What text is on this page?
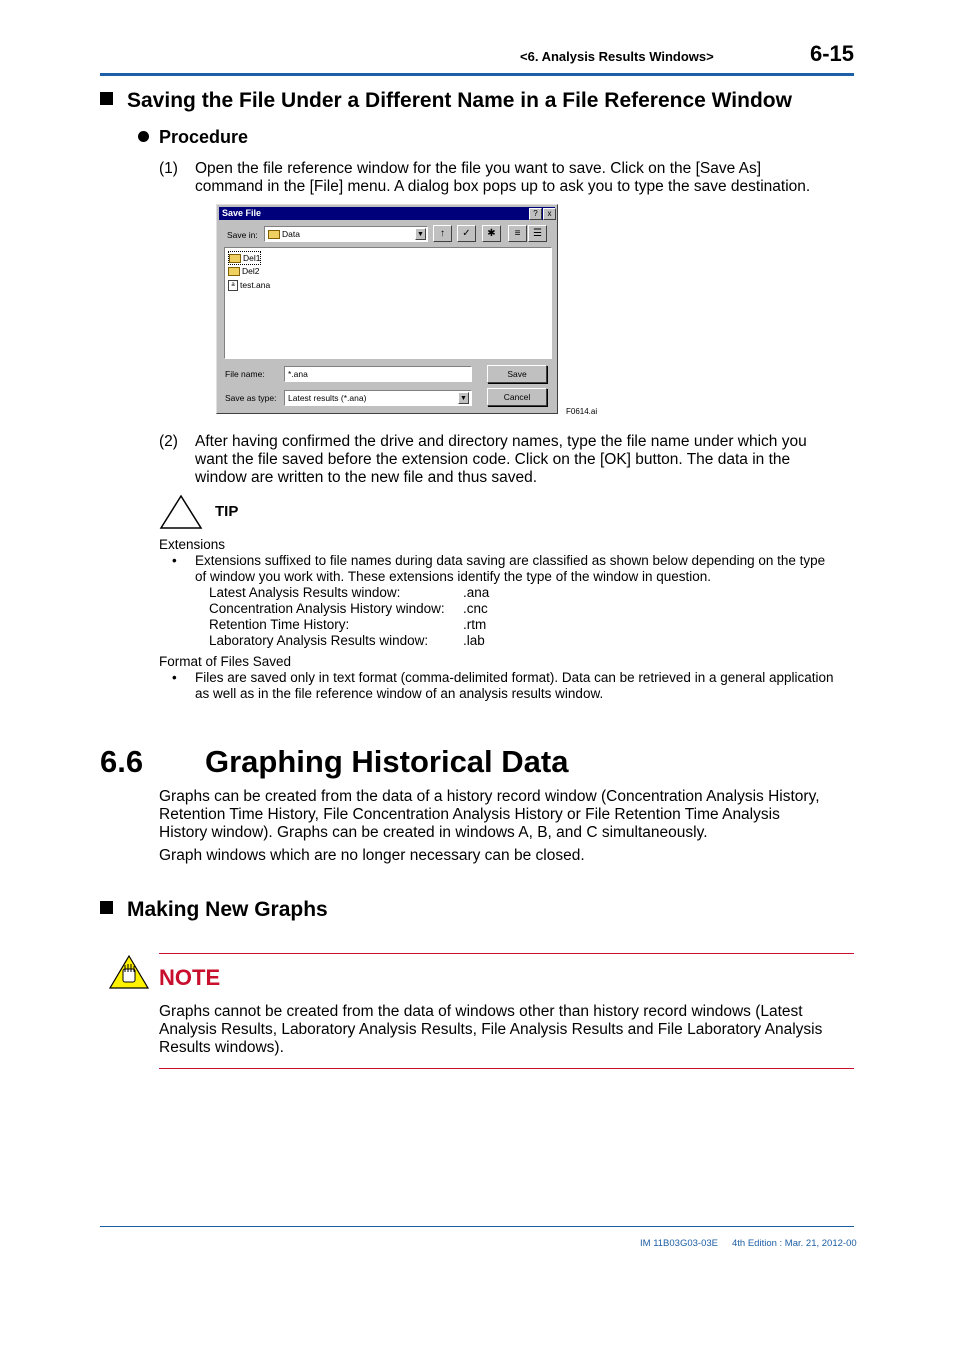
<6. Analysis Results Windows>	6-15
Saving the File Under a Different Name in a File Reference Window
Procedure
(1) Open the file reference window for the file you want to save. Click on the [Save As]
command in the [File] menu. A dialog box pops up to ask you to type the save destination.
Save File	?	x
Save in:	Data	▼	↑	✓	✱	≡	☰
Del1
Del2
a test.ana
File name:	*.ana	Save
Save as type:	Latest results (*.ana)	▼	Cancel
F0614.ai
(2) After having confirmed the drive and directory names, type the file name under which you
want the file saved before the extension code. Click on the [OK] button. The data in the
window are written to the new file and thus saved.
TIP
Extensions
• Extensions suffixed to file names during data saving are classified as shown below depending on the type
of window you work with. These extensions identify the type of the window in question.
Latest Analysis Results window:	.ana
Concentration Analysis History window: .cnc
Retention Time History:	.rtm
Laboratory Analysis Results window:	.lab
Format of Files Saved
• Files are saved only in text format (comma-delimited format). Data can be retrieved in a general application
as well as in the file reference window of an analysis results window.
6.6 Graphing Historical Data
Graphs can be created from the data of a history record window (Concentration Analysis History,
Retention Time History, File Concentration Analysis History or File Retention Time Analysis
History window). Graphs can be created in windows A, B, and C simultaneously.
Graph windows which are no longer necessary can be closed.
Making New Graphs
NOTE
Graphs cannot be created from the data of windows other than history record windows (Latest
Analysis Results, Laboratory Analysis Results, File Analysis Results and File Laboratory Analysis
Results windows).
IM 11B03G03-03E 4th Edition : Mar. 21, 2012-00
